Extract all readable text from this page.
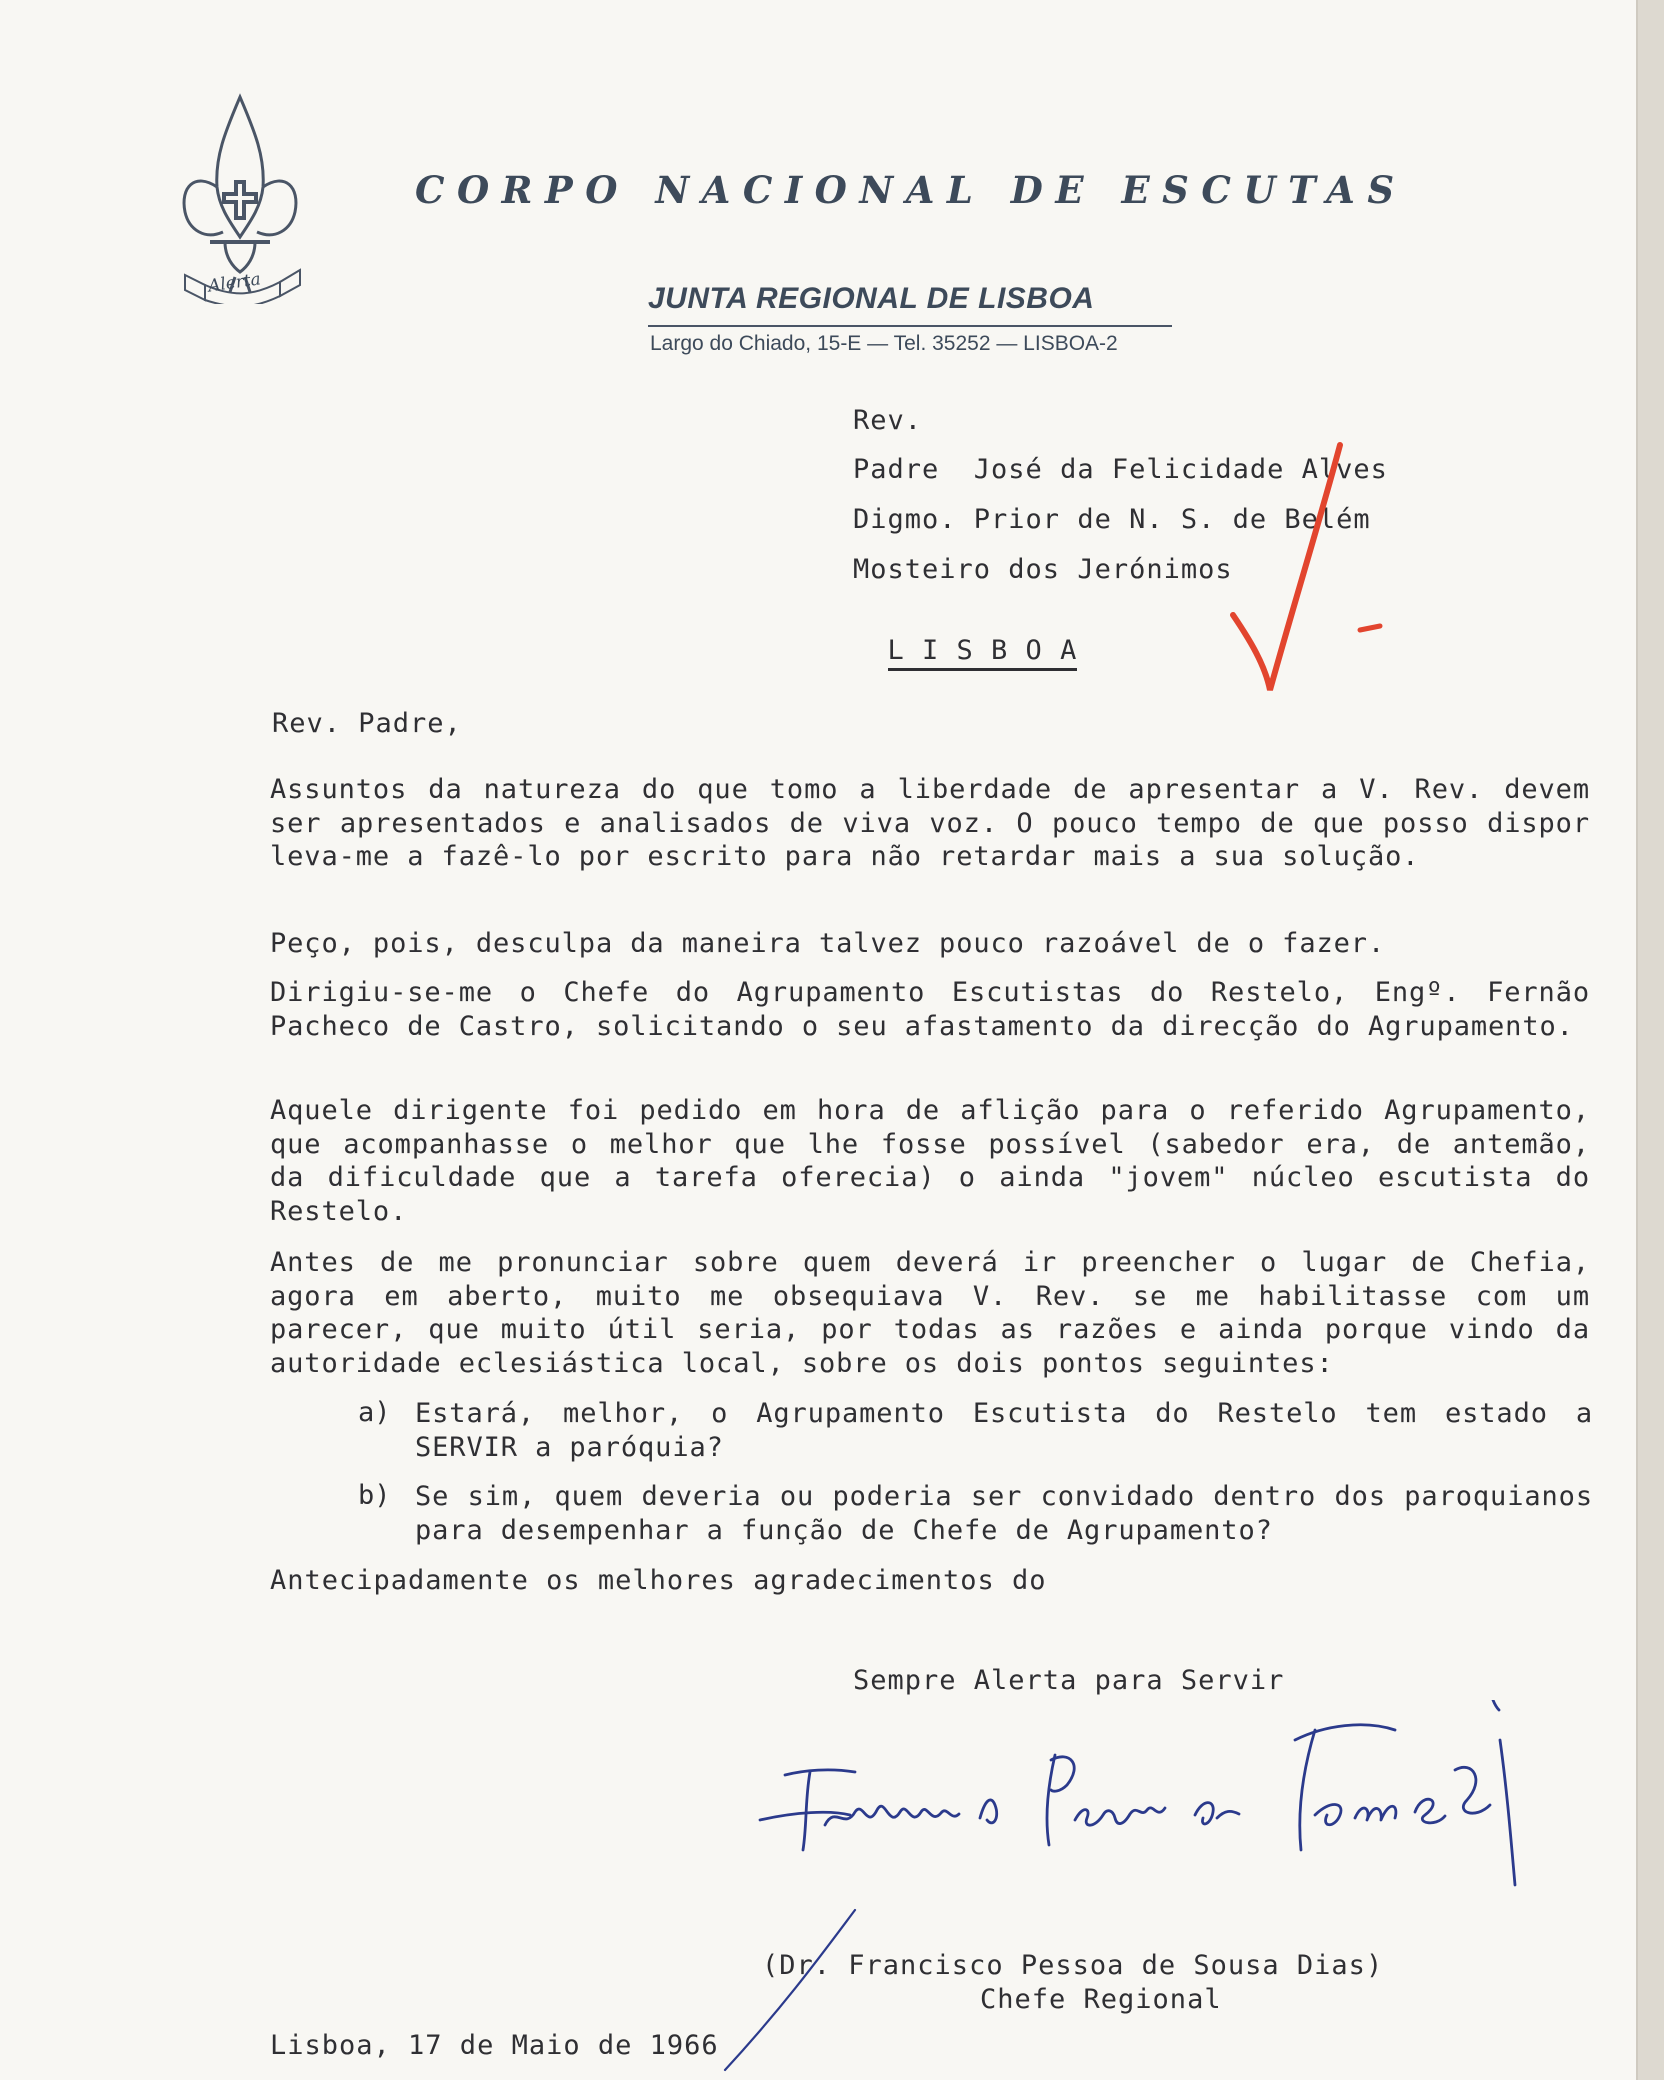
Alerta
CORPO NACIONAL DE ESCUTAS
JUNTA REGIONAL DE LISBOA
Largo do Chiado, 15-E — Tel. 35252 — LISBOA-2
Rev.
Padre  José da Felicidade Alves
Digmo. Prior de N. S. de Belém
Mosteiro dos Jerónimos

L I S B O A

Rev. Padre,
Assuntos da natureza do que tomo a liberdade de apresentar a V. Rev. devem ser apresentados e analisados de viva voz. O pouco tempo de que posso dispor leva-me a fazê-lo por escrito para não retardar mais a sua solução.
Peço, pois, desculpa da maneira talvez pouco razoável de o fazer.
Dirigiu-se-me o Chefe do Agrupamento Escutistas do Restelo, Engº. Fernão Pacheco de Castro, solicitando o seu afastamento da direcção do Agrupamento.
Aquele dirigente foi pedido em hora de aflição para o referido Agrupamento, que acompanhasse o melhor que lhe fosse possível (sabedor era, de antemão, da dificuldade que a tarefa oferecia) o ainda "jovem" núcleo escutista do Restelo.
Antes de me pronunciar sobre quem deverá ir preencher o lugar de Chefia, agora em aberto, muito me obsequiava V. Rev. se me habilitasse com um parecer, que muito útil seria, por todas as razões e ainda porque vindo da autoridade eclesiástica local, sobre os dois pontos seguintes:
a) Estará, melhor, o Agrupamento Escutista do Restelo tem estado a SERVIR a paróquia?
b) Se sim, quem deveria ou poderia ser convidado dentro dos paroquianos para desempenhar a função de Chefe de Agrupamento?
Antecipadamente os melhores agradecimentos do
Sempre Alerta para Servir
(Dr. Francisco Pessoa de Sousa Dias)
Chefe Regional
Lisboa, 17 de Maio de 1966
